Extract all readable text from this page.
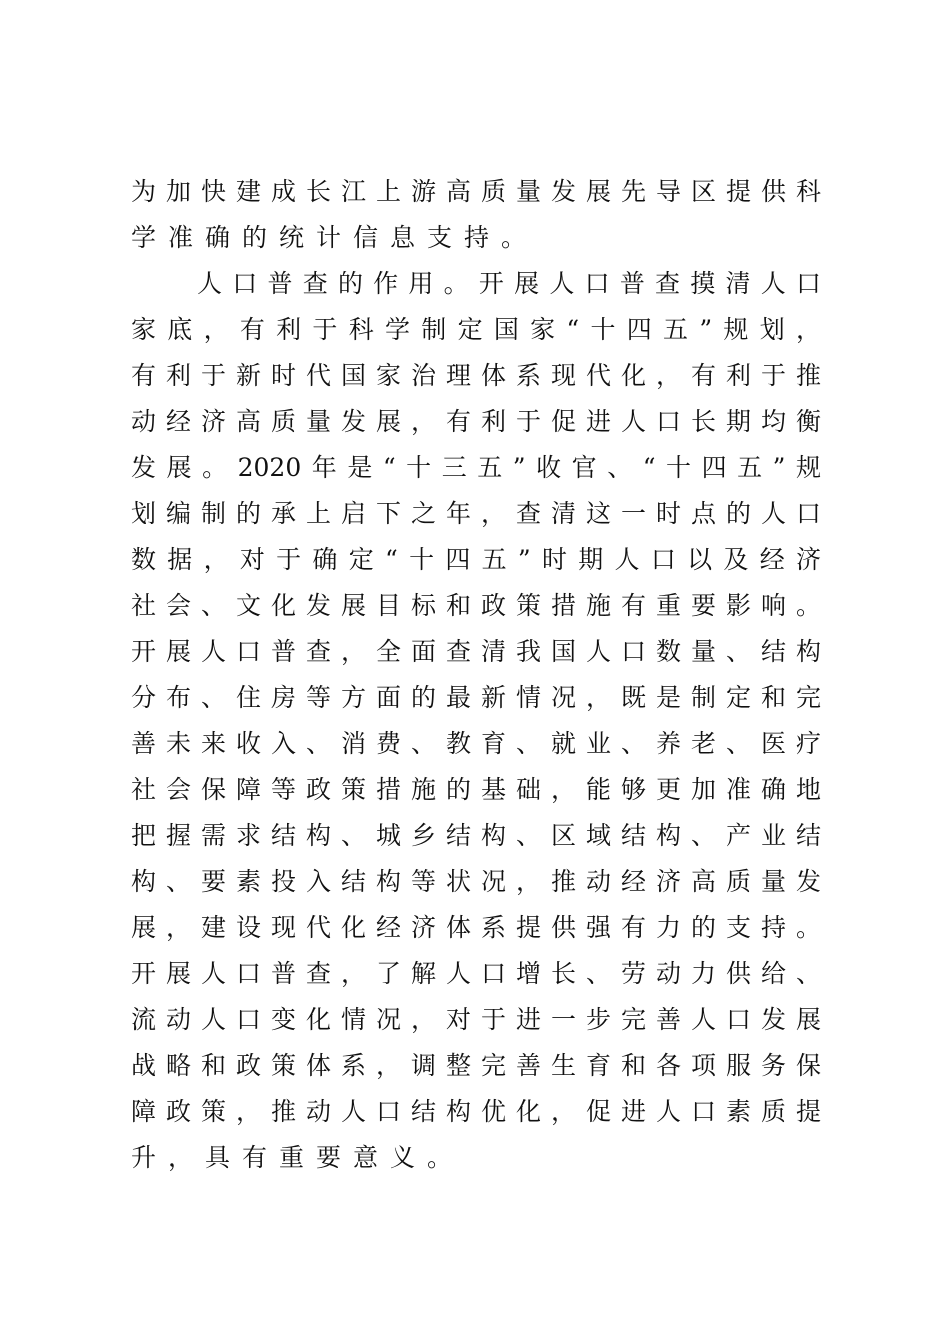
为加快建成长江上游高质量发展先导区提供科
学准确的统计信息支持。
人口普查的作用。开展人口普查摸清人口
家底，有利于科学制定国家“十四五”规划，
有利于新时代国家治理体系现代化，有利于推
动经济高质量发展，有利于促进人口长期均衡
发展。2020年是“十三五”收官、“十四五”规
划编制的承上启下之年，查清这一时点的人口
数据，对于确定“十四五”时期人口以及经济
社会、文化发展目标和政策措施有重要影响。
开展人口普查，全面查清我国人口数量、结构
分布、住房等方面的最新情况，既是制定和完
善未来收入、消费、教育、就业、养老、医疗
社会保障等政策措施的基础，能够更加准确地
把握需求结构、城乡结构、区域结构、产业结
构、要素投入结构等状况，推动经济高质量发
展，建设现代化经济体系提供强有力的支持。
开展人口普查，了解人口增长、劳动力供给、
流动人口变化情况，对于进一步完善人口发展
战略和政策体系，调整完善生育和各项服务保
障政策，推动人口结构优化，促进人口素质提
升，具有重要意义。
